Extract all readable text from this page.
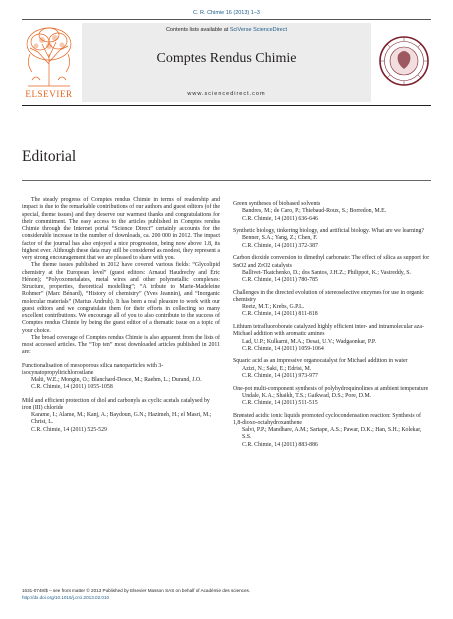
C. R. Chimie 16 (2013) 1–3
ELSEVIER
Contents lists available at SciVerse ScienceDirect
Comptes Rendus Chimie
www.sciencedirect.com
Editorial

The steady progress of Comptes rendus Chimie in terms of readership and impact is due to the remarkable contributions of our authors and guest editors (of the special, theme issues) and they deserve our warmest thanks and congratulations for their commitment. The easy access to the articles published in Comptes rendus Chimie through the Internet portal “Science Direct” certainly accounts for the considerable increase in the number of downloads, ca. 200 000 in 2012. The impact factor of the journal has also enjoyed a nice progression, being now above 1.8, its highest ever. Although these data may still be considered as modest, they represent a very strong encouragement that we are pleased to share with you.

The theme issues published in 2012 have covered various fields: “Glycolipid chemistry at the European level” (guest editors: Arnaud Haudrechy and Éric Hénon); “Polyoxometalates, metal wires and other polymetallic complexes: Structure, properties, theoretical modelling”; “A tribute to Marie-Madeleine Rohmer” (Marc Bénard), “History of chemistry” (Yves Jeannin), and “Inorganic molecular materials” (Marius Andruh). It has been a real pleasure to work with our guest editors and we congratulate them for their efforts in collecting so many excellent contributions. We encourage all of you to also contribute to the success of Comptes rendus Chimie by being the guest editor of a thematic issue on a topic of your choice.

The broad coverage of Comptes rendus Chimie is also apparent from the lists of most accessed articles. The “Top ten” most downloaded articles published in 2011 are:

Functionalisation of mesoporous silica nanoparticles with 3-isocynatopropyltrichlorosilane

Malti, W.E.; Mongin, O.; Blanchard-Desce, M.; Raehm, L.; Durand, J.O.

C.R. Chimie, 14 (2011) 1055-1058

Mild and efficient protection of diol and carbonyls as cyclic acetals catalysed by iron (III) chloride

Karame, I.; Alame, M.; Kanj, A.; Baydoun, G.N.; Hazimeh, H.; el Masri, M.; Christ, L.

C.R. Chimie, 14 (2011) 525-529

Green syntheses of biobased solvents

Bandres, M.; de Caro, P.; Thiebaud-Roux, S.; Borredon, M.E.

C.R. Chimie, 14 (2011) 636-646

Synthetic biology, tinkering biology, and artificial biology. What are we learning?

Benner, S.A.; Yang, Z.; Chen, F.

C.R. Chimie, 14 (2011) 372-387

Carbon dioxide conversion to dimethyl carbonate: The effect of silica as support for SnO2 and ZrO2 catalysts

Ballivet-Tkatchenko, D.; dos Santos, J.H.Z.; Philippot, K.; Vasireddy, S.

C.R. Chimie, 14 (2011) 780-785

Challenges in the directed evolution of stereoselective enzymes for use in organic chemistry

Reetz, M.T.; Krebs, G.P.L.

C.R. Chimie, 14 (2011) 811-818

Lithium tetrafluoroborate catalyzed highly efficient inter- and intramolecular aza-Michael addition with aromatic amines

Lad, U.P.; Kulkarni, M.A.; Desai, U.V.; Wadgaonkar, P.P.

C.R. Chimie, 14 (2011) 1059-1064

Squaric acid as an impressive organocatalyst for Michael addition in water

Azizi, N.; Saki, E.; Edrisi, M.

C.R. Chimie, 14 (2011) 973-977

One-pot multi-component synthesis of polyhydroquinolines at ambient temperature

Undale, K.A.; Shaikh, T.S.; Gaikwad, D.S.; Pore, D.M.

C.R. Chimie, 14 (2011) 511-515

Brønsted acidic ionic liquids promoted cyclocondensation reaction: Synthesis of 1,8-dioxo-octahydroxanthene

Salvi, P.P.; Mandhare, A.M.; Sartape, A.S.; Pawar, D.K.; Han, S.H.; Kolekar, S.S.

C.R. Chimie, 14 (2011) 883-886

1631-0748/$ – see front matter © 2013 Published by Elsevier Masson SAS on behalf of Académie des sciences.
http://dx.doi.org/10.1016/j.crci.2013.02.010
